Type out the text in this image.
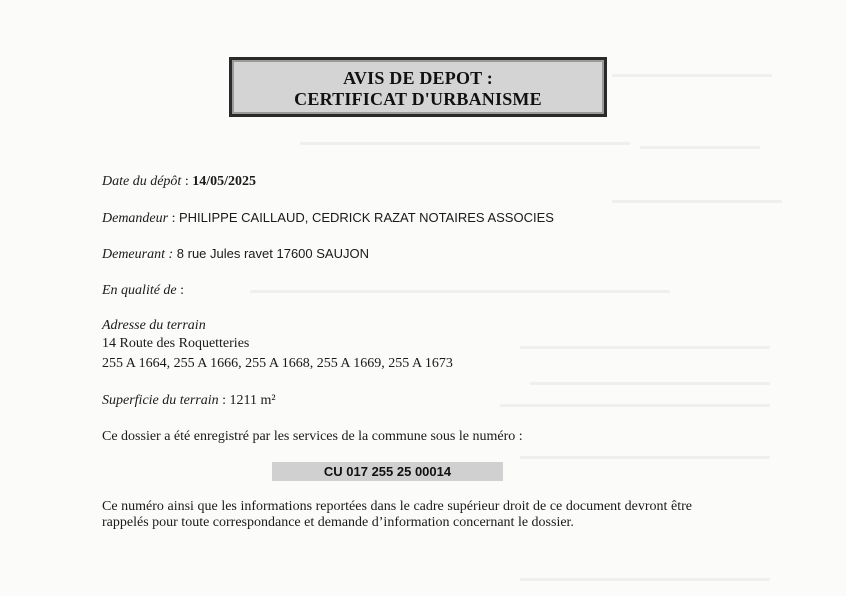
AVIS DE DEPOT :
CERTIFICAT D'URBANISME
Date du dépôt : 14/05/2025
Demandeur : PHILIPPE CAILLAUD, CEDRICK RAZAT NOTAIRES ASSOCIES
Demeurant : 8 rue Jules ravet 17600 SAUJON
En qualité de :
Adresse du terrain
14 Route des Roquetteries
255 A 1664, 255 A 1666, 255 A 1668, 255 A 1669, 255 A 1673
Superficie du terrain : 1211 m²
Ce dossier a été enregistré par les services de la commune sous le numéro :
CU 017 255 25 00014
Ce numéro ainsi que les informations reportées dans le cadre supérieur droit de ce document devront être rappelés pour toute correspondance et demande d’information concernant le dossier.
